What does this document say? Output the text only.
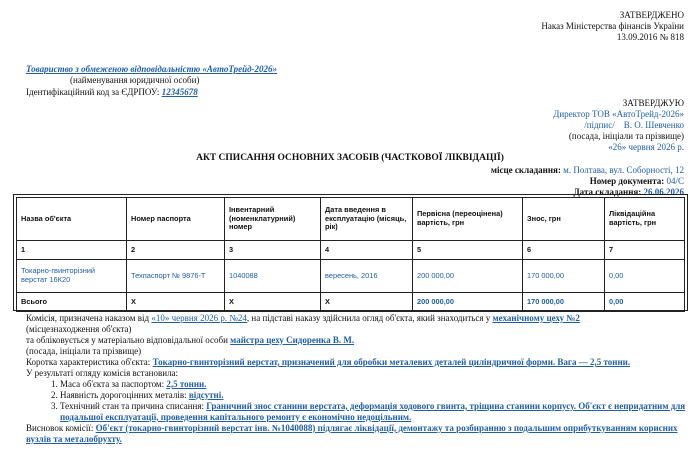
ЗАТВЕРДЖЕНО
Наказ Міністерства фінансів України
13.09.2016 № 818
Товариство з обмеженою відповідальністю «АвтоТрейд-2026»
(найменування юридичної особи)
Ідентифікаційний код за ЄДРПОУ: 12345678
ЗАТВЕРДЖУЮ
Директор ТОВ «АвтоТрейд-2026»
/підпис/ В. О. Шевченко
(посада, ініціали та прізвище)
«26» червня 2026 р.
АКТ СПИСАННЯ ОСНОВНИХ ЗАСОБІВ (ЧАСТКОВОЇ ЛІКВІДАЦІЇ)
місце складання: м. Полтава, вул. Соборності, 12
Номер документа: 04/С
Дата складання: 26.06.2026
Назва об'єкта	Номер паспорта	Інвентарний (номенклатурний) номер	Дата введення в експлуатацію (місяць, рік)	Первісна (переоцінена) вартість, грн	Знос, грн	Ліквідаційна вартість, грн
1	2	3	4	5	6	7
Токарно-гвинторізний верстат 16К20	Техпаспорт № 9876-Т	1040088	вересень, 2016	200 000,00	170 000,00	0,00
Всього	Х	Х	Х	200 000,00	170 000,00	0,00
Комісія, призначена наказом від «10» червня 2026 р. №24, на підставі наказу здійснила огляд об'єкта, який знаходиться у механічному цеху №2
(місцезнаходження об'єкта)
та обліковується у матеріально відповідальної особи майстра цеху Сидоренка В. М.
(посада, ініціали та прізвище)
Коротка характеристика об'єкта: Токарно-гвинторізний верстат, призначений для обробки металевих деталей циліндричної форми. Вага — 2,5 тонни.
У результаті огляду комісія встановила:
1. Маса об'єкта за паспортом: 2,5 тонни.
2. Наявність дорогоцінних металів: відсутні.
3. Технічний стан та причина списання: Граничний знос станини верстата, деформація ходового гвинта, тріщина станини корпусу. Об'єкт є непридатним для подальшої експлуатації, проведення капітального ремонту є економічно недоцільним.
Висновок комісії: Об'єкт (токарно-гвинторізний верстат інв. №1040088) підлягає ліквідації, демонтажу та розбиранню з подальшим оприбуткуванням корисних вузлів та металобрухту.
